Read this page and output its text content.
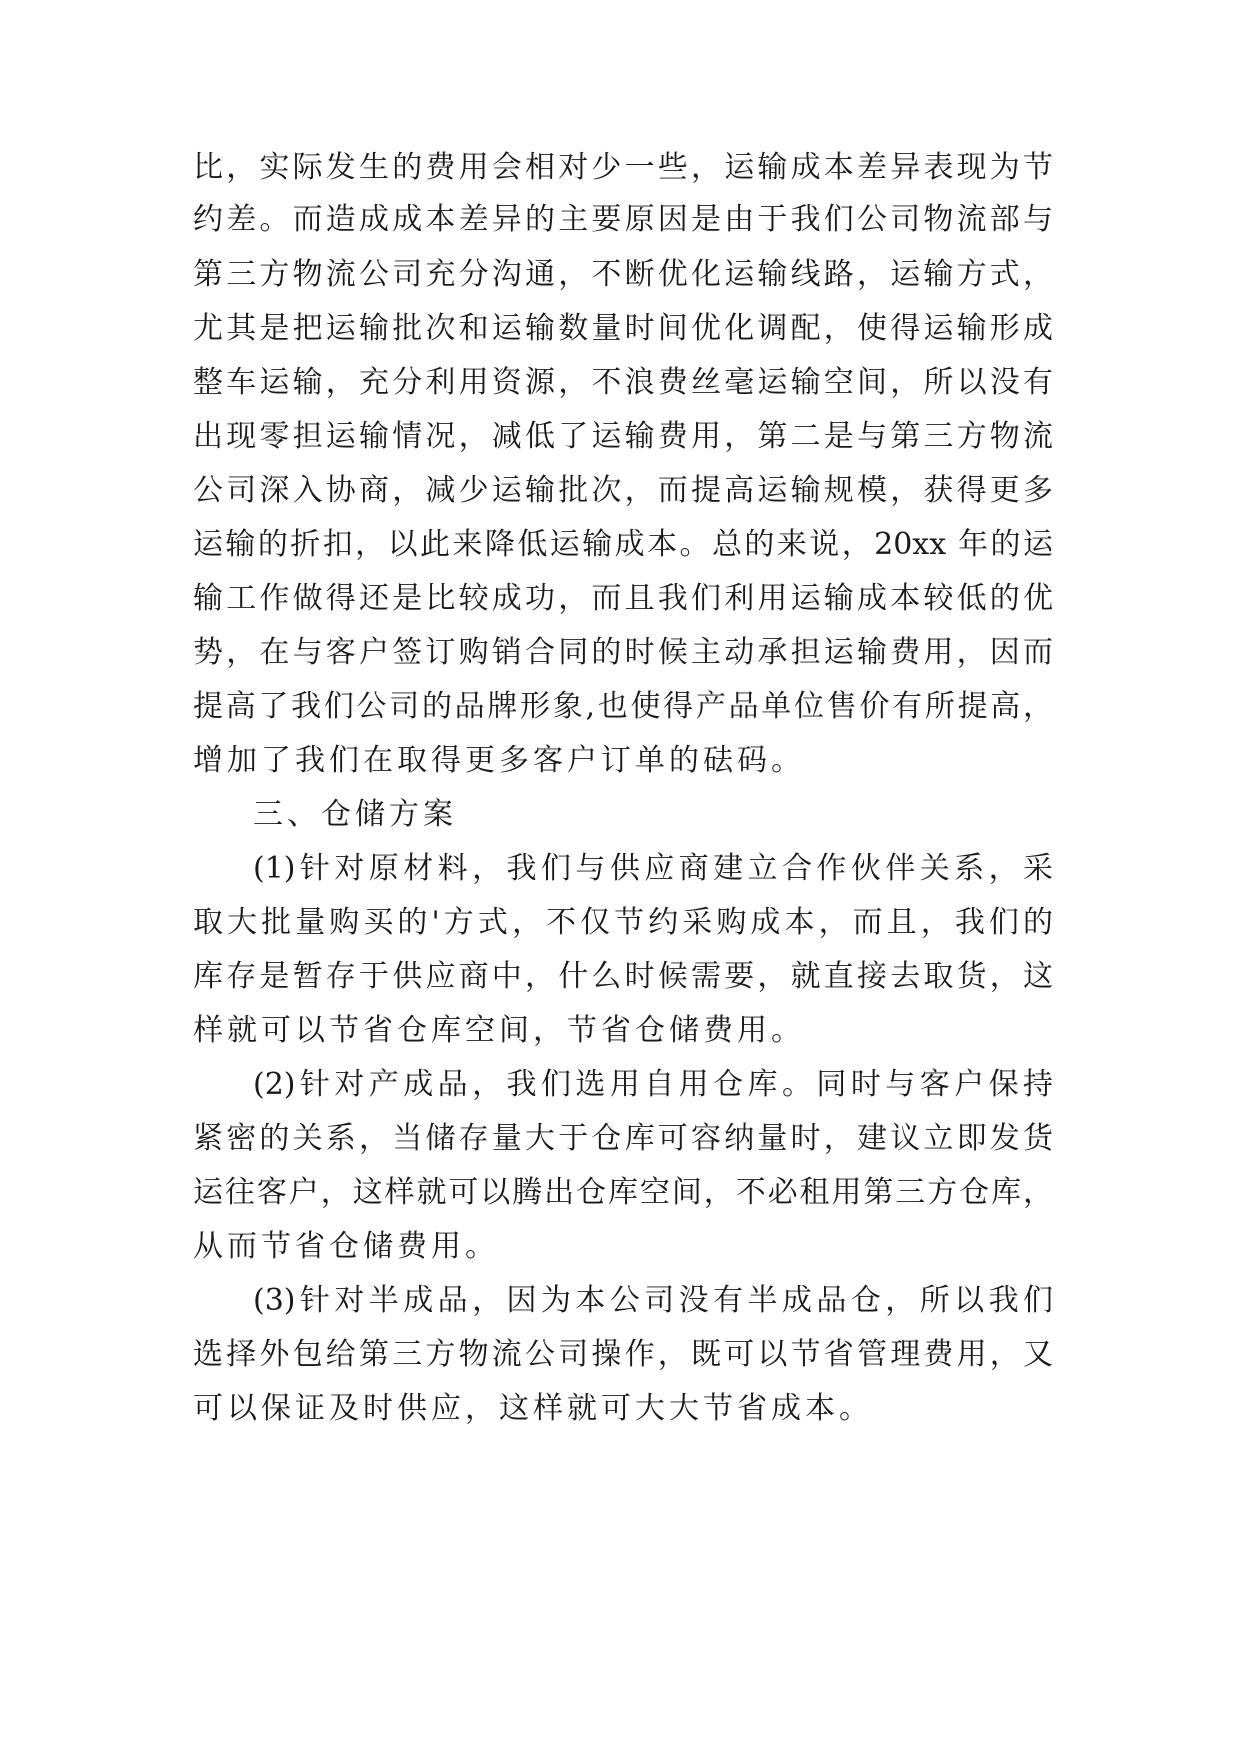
比，实际发生的费用会相对少一些，运输成本差异表现为节
约差。而造成成本差异的主要原因是由于我们公司物流部与
第三方物流公司充分沟通，不断优化运输线路，运输方式，
尤其是把运输批次和运输数量时间优化调配，使得运输形成
整车运输，充分利用资源，不浪费丝毫运输空间，所以没有
出现零担运输情况，减低了运输费用，第二是与第三方物流
公司深入协商，减少运输批次，而提高运输规模，获得更多
运输的折扣，以此来降低运输成本。总的来说，20xx 年的运
输工作做得还是比较成功，而且我们利用运输成本较低的优
势，在与客户签订购销合同的时候主动承担运输费用，因而
提高了我们公司的品牌形象,也使得产品单位售价有所提高，
增加了我们在取得更多客户订单的砝码。
三、仓储方案
(1)针对原材料，我们与供应商建立合作伙伴关系，采
取大批量购买的'方式，不仅节约采购成本，而且，我们的
库存是暂存于供应商中，什么时候需要，就直接去取货，这
样就可以节省仓库空间，节省仓储费用。
(2)针对产成品，我们选用自用仓库。同时与客户保持
紧密的关系，当储存量大于仓库可容纳量时，建议立即发货
运往客户，这样就可以腾出仓库空间，不必租用第三方仓库，
从而节省仓储费用。
(3)针对半成品，因为本公司没有半成品仓，所以我们
选择外包给第三方物流公司操作，既可以节省管理费用，又
可以保证及时供应，这样就可大大节省成本。
